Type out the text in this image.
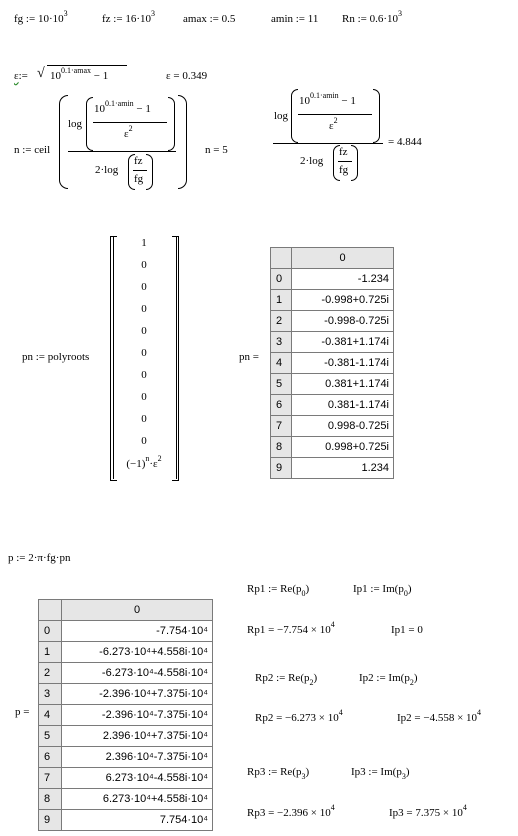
fg := $10\cdot 10^3$	fz := $16\cdot 10^3$	amax := 0.5	amin := 11 Rn := $0.6\cdot 10^3$
ε:= √ $10^{0.1\cdot amax} - 1$	ε = 0.349
n := ceil
log
$10^{0.1\cdot amin} - 1$
$\varepsilon^2$
2·log
fz
fg
n = 5
log
$10^{0.1\cdot amin} - 1$
$\varepsilon^2$
2·log
fz
fg
= 4.844
pn := polyroots
1
0
0
0
0
0
0
0
0
0
$(-1)^n\cdot\varepsilon^2$
pn =
	0
0	-1.234
1	-0.998+0.725i
2	-0.998-0.725i
3	-0.381+1.174i
4	-0.381-1.174i
5	0.381+1.174i
6	0.381-1.174i
7	0.998-0.725i
8	0.998+0.725i
9	1.234
p := 2·π·fg·pn
p =
	0
0	-7.754·10⁴
1	-6.273·10⁴+4.558i·10⁴
2	-6.273·10⁴-4.558i·10⁴
3	-2.396·10⁴+7.375i·10⁴
4	-2.396·10⁴-7.375i·10⁴
5	2.396·10⁴+7.375i·10⁴
6	2.396·10⁴-7.375i·10⁴
7	6.273·10⁴-4.558i·10⁴
8	6.273·10⁴+4.558i·10⁴
9	7.754·10⁴
Rp1 := $Re(p_0)$	Ip1 := $Im(p_0)$
$Rp1 = -7.754 \times 10^4$	Ip1 = 0
Rp2 := $Re(p_2)$	Ip2 := $Im(p_2)$
$Rp2 = -6.273 \times 10^4$	$Ip2 = -4.558 \times 10^4$
Rp3 := $Re(p_3)$	Ip3 := $Im(p_3)$
$Rp3 = -2.396 \times 10^4$	$Ip3 = 7.375 \times 10^4$
